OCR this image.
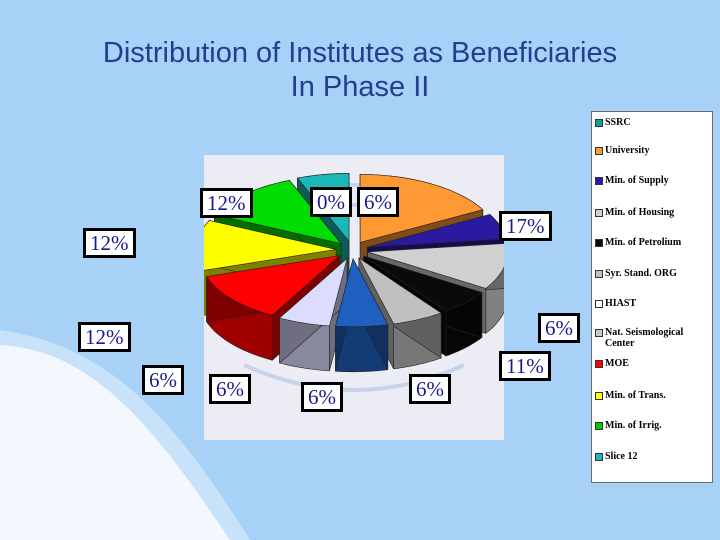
Distribution of Institutes as Beneficiaries
In Phase II
0%
17%
6%
11%
6%
6%
6%
6%
12%
12%
12%	6%
SSRC
University
Min. of Supply
Min. of Housing
Min. of Petrolium
Syr. Stand. ORG
HIAST
Nat. Seismological Center
MOE
Min. of Trans.
Min. of Irrig.
Slice 12
